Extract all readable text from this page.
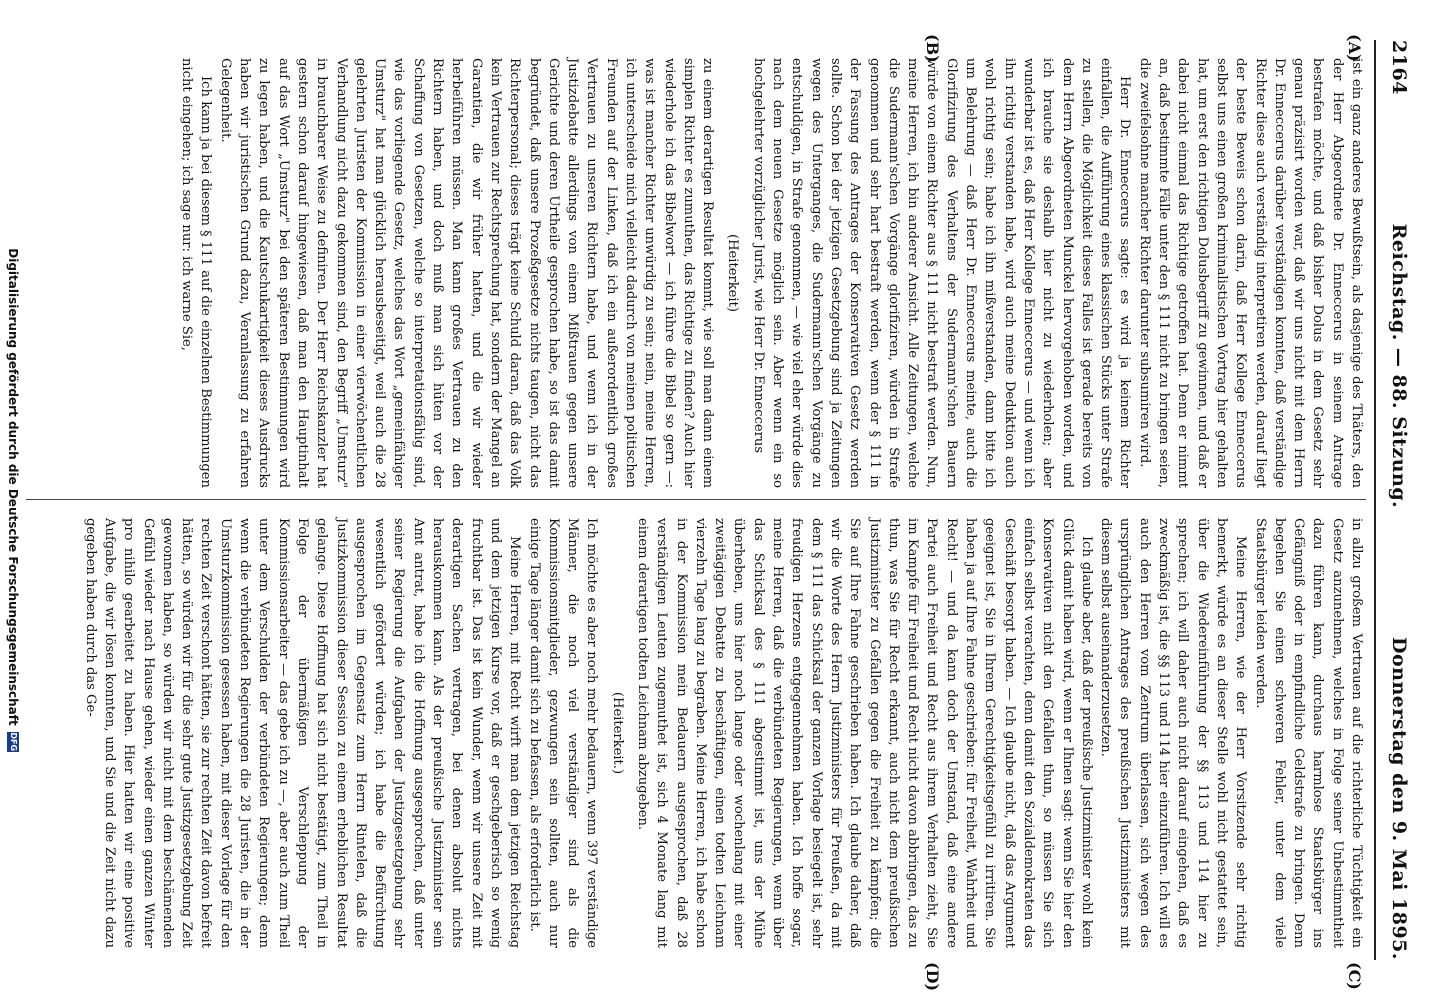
2164
Reichstag. — 88. Sitzung.
Donnerstag den 9. Mai 1895.
(A)
(B)
(C)
(D)

ist ein ganz anderes Bewußtsein, als dasjenige des Thäters, den der Herr Abgeordnete Dr. Enneccerus in seinem Antrage bestrafen möchte, und daß bisher Dolus in dem Gesetz sehr genau präzisirt worden war, daß wir uns nicht mit dem Herrn Dr. Enneccerus darüber verständigen konnten, daß verständige Richter diese auch verständig interpretiren werden, darauf liegt der beste Beweis schon darin, daß Herr Kollege Enneccerus selbst uns einen großen kriminalistischen Vortrag hier gehalten hat, um erst den richtigen Dolusbegriff zu gewinnen, und daß er dabei nicht einmal das Richtige getroffen hat. Denn er nimmt an, daß bestimmte Fälle unter den § 111 nicht zu bringen seien, die zweifelsohne mancher Richter darunter subsumiren wird.

Herr Dr. Enneccerus sagte: es wird ja keinem Richter einfallen, die Aufführung eines klassischen Stücks unter Strafe zu stellen, die Möglichkeit dieses Falles ist gerade bereits von dem Herrn Abgeordneten Munckel hervorgehoben worden, und ich brauche sie deshalb hier nicht zu wiederholen; aber wunderbar ist es, daß Herr Kollege Enneccerus — und wenn ich ihn richtig verstanden habe, wird auch meine Deduktion auch wohl richtig sein; habe ich ihn mißverstanden, dann bitte ich um Belehrung — daß Herr Dr. Enneccerus meinte, auch die Glorifizirung des Verhaltens der Sudermann'schen Bauern würde von einem Richter aus § 111 nicht bestraft werden. Nun, meine Herren, ich bin anderer Ansicht. Alle Zeitungen, welche die Sudermann'schen Vorgänge glorifiziren, würden in Strafe genommen und sehr hart bestraft werden, wenn der § 111 in der Fassung des Antrages der Konservativen Gesetz werden sollte. Schon bei der jetzigen Gesetzgebung sind ja Zeitungen wegen des Unterganges, die Sudermann'schen Vorgänge zu entschuldigen, in Strafe genommen, — wie viel eher würde dies nach dem neuen Gesetze möglich sein. Aber wenn ein so hochgelehrter vorzüglicher Jurist, wie Herr Dr. Enneccerus

(Heiterkeit)

zu einem derartigen Resultat kommt, wie soll man dann einem simplen Richter es zumuthen, das Richtige zu finden? Auch hier wiederhole ich das Bibelwort — ich führe die Bibel so gern —: was ist mancher Richter unwürdig zu sein; nein, meine Herren, ich unterscheide mich vielleicht dadurch von meinen politischen Freunden auf der Linken, daß ich ein außerordentlich großes Vertrauen zu unseren Richtern habe, und wenn ich in der Justizdebatte allerdings von einem Mißtrauen gegen unsere Gerichte und deren Urtheile gesprochen habe, so ist das damit begründet, daß unsere Prozeßgesetze nichts taugen, nicht das Richterpersonal; dieses trägt keine Schuld daran, daß das Volk kein Vertrauen zur Rechtsprechung hat, sondern der Mangel an Garantien, die wir früher hatten, und die wir wieder herbeiführen müssen. Man kann großes Vertrauen zu den Richtern haben, und doch muß man sich hüten vor der Schaffung von Gesetzen, welche so interpretationsfähig sind, wie das vorliegende Gesetz, welches das Wort „gemeinfähiger Umsturz" hat man glücklich herausbeseitigt, weil auch die 28 gelehrten Juristen der Kommission in einer vierwöchentlichen Verhandlung nicht dazu gekommen sind, den Begriff „Umsturz" in brauchbarer Weise zu definiren. Der Herr Reichskanzler hat gestern schon darauf hingewiesen, daß man den Hauptinhalt auf das Wort „Umsturz" bei den späteren Bestimmungen wird zu legen haben, und die Kautschukartigkeit dieses Ausdrucks haben wir juristischen Grund dazu, Veranlassung zu erfahren Gelegenheit.

Ich kann ja bei diesem § 111 auf die einzelnen Bestimmungen nicht eingehen; ich sage nur: ich warne Sie,

in allzu großem Vertrauen auf die richterliche Tüchtigkeit ein Gesetz anzunehmen, welches in Folge seiner Unbestimmtheit dazu führen kann, durchaus harmlose Staatsbürger ins Gefängniß oder in empfindliche Geldstrafe zu bringen. Denn begehen Sie einen schweren Fehler, unter dem viele Staatsbürger leiden werden.

Meine Herren, wie der Herr Vorsitzende sehr richtig bemerkt, würde es an dieser Stelle wohl nicht gestattet sein, über die Wiedereinführung der §§ 113 und 114 hier zu sprechen; ich will daher auch nicht darauf eingehen, daß es zweckmäßig ist, die §§ 113 und 114 hier einzuführen. Ich will es auch den Herren vom Zentrum überlassen, sich wegen des ursprünglichen Antrages des preußischen Justizministers mit diesem selbst auseinanderzusetzen.

Ich glaube aber, daß der preußische Justizminister wohl kein Glück damit haben wird, wenn er Ihnen sagt: wenn Sie hier den Konservativen nicht den Gefallen thun, so müssen Sie sich einfach selbst verachten, denn damit den Sozialdemokraten das Geschäft besorgt haben. — Ich glaube nicht, daß das Argument geeignet ist, Sie in Ihrem Gerechtigkeitsgefühl zu irritiren. Sie haben ja auf Ihre Fahne geschrieben: für Freiheit, Wahrheit und Recht! — und da kann doch der Umstand, daß eine andere Partei auch Freiheit und Recht aus ihrem Verhalten zieht, Sie im Kampfe für Freiheit und Recht nicht davon abbringen, das zu thun, was Sie für Recht erkannt, auch nicht dem preußischen Justizminister zu Gefallen gegen die Freiheit zu kämpfen; die Sie auf Ihre Fahne geschrieben haben. Ich glaube daher, daß wir die Worte des Herrn Justizministers für Preußen, da mit dem § 111 das Schicksal der ganzen Vorlage besiegelt ist, sehr freudigen Herzens entgegennehmen haben. Ich hoffe sogar, meine Herren, daß die verbündeten Regierungen, wenn über das Schicksal des § 111 abgestimmt ist, uns der Mühe überheben, uns hier noch lange oder wochenlang mit einer zweitägigen Debatte zu beschäftigen, einen todten Leichnam vierzehn Tage lang zu begraben. Meine Herren, ich habe schon in der Kommission mein Bedauern ausgesprochen, daß 28 verständigen Leuten zugemuthet ist, sich 4 Monate lang mit einem derartigen todten Leichnam abzugeben.

(Heiterkeit.)

Ich möchte es aber noch mehr bedauern, wenn 397 verständige Männer, die noch viel verständiger sind als die Kommissionsmitglieder, gezwungen sein sollten, auch nur einige Tage länger damit sich zu befassen, als erforderlich ist.

Meine Herren, mit Recht wirft man dem jetzigen Reichstag und dem jetzigen Kurse vor, daß er geschgeberisch so wenig fruchtbar ist. Das ist kein Wunder, wenn wir unsere Zeit mit derartigen Sachen vertragen, bei denen absolut nichts herauskommen kann. Als der preußische Justizminister sein Amt antrat, habe ich die Hoffnung ausgesprochen, daß unter seiner Regierung die Aufgaben der Justizgesetzgebung sehr wesentlich gefördert würden; ich habe die Befürchtung ausgesprochen im Gegensatz zum Herrn Rintelen, daß die Justizkommission dieser Session zu einem erheblichen Resultat gelange. Diese Hoffnung hat sich nicht bestätigt, zum Theil in Folge der übermäßigen Verschleppung der Kommissionsarbeiter — das gebe ich zu —, aber auch zum Theil unter dem Verschulden der verbündeten Regierungen; denn wenn die verbündeten Regierungen die 28 Juristen, die in der Umsturzkommission gesessen haben, mit dieser Vorlage für den rechten Zeit verschont hätten, sie zur rechten Zeit davon befreit hätten, so würden wir für die sehr gute Justizgesetzgebung Zeit gewonnen haben, so würden wir nicht mit dem beschämenden Gefühl wieder nach Hause gehen, wieder einen ganzen Winter pro nihilo gearbeitet zu haben. Hier hatten wir eine positive Aufgabe, die wir lösen konnten, und Sie und die Zeit nicht dazu gegeben haben durch das Ge-

Digitalisierung gefördert durch die Deutsche Forschungsgemeinschaft
DFG
